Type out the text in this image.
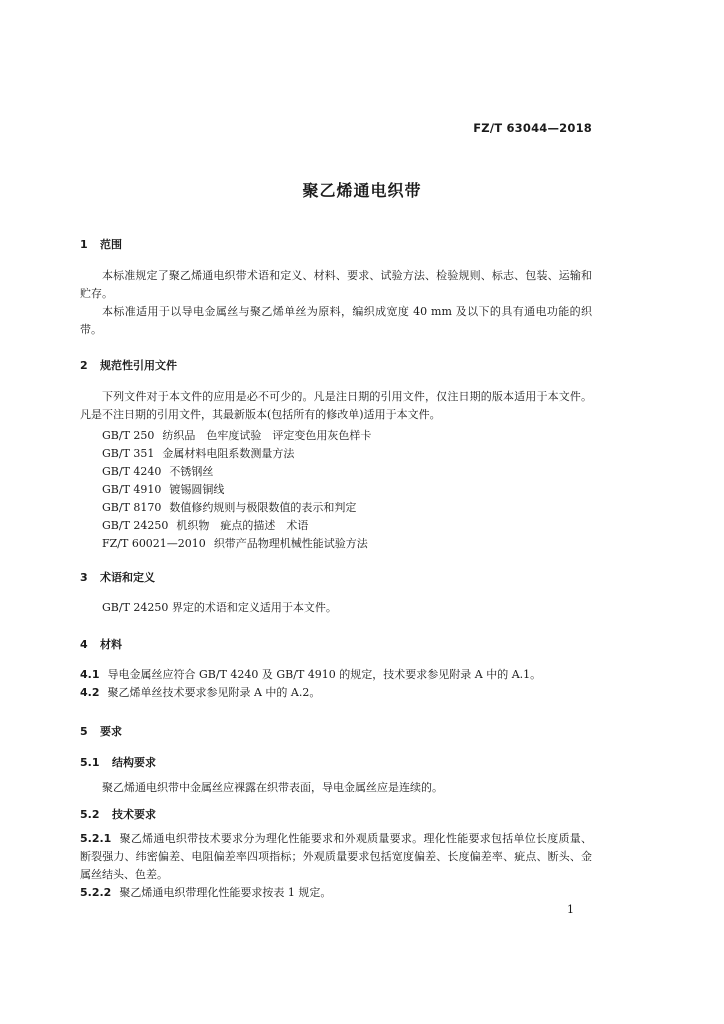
FZ/T 63044—2018
聚乙烯通电织带
1 范围
本标准规定了聚乙烯通电织带术语和定义、材料、要求、试验方法、检验规则、标志、包装、运输和贮存。
本标准适用于以导电金属丝与聚乙烯单丝为原料，编织成宽度 40 mm 及以下的具有通电功能的织带。
2 规范性引用文件
下列文件对于本文件的应用是必不可少的。凡是注日期的引用文件，仅注日期的版本适用于本文件。凡是不注日期的引用文件，其最新版本(包括所有的修改单)适用于本文件。
GB/T 250 纺织品　色牢度试验　评定变色用灰色样卡
GB/T 351 金属材料电阻系数测量方法
GB/T 4240 不锈钢丝
GB/T 4910 镀锡圆铜线
GB/T 8170 数值修约规则与极限数值的表示和判定
GB/T 24250 机织物　疵点的描述　术语
FZ/T 60021—2010 织带产品物理机械性能试验方法
3 术语和定义
GB/T 24250 界定的术语和定义适用于本文件。
4 材料
4.1 导电金属丝应符合 GB/T 4240 及 GB/T 4910 的规定，技术要求参见附录 A 中的 A.1。
4.2 聚乙烯单丝技术要求参见附录 A 中的 A.2。
5 要求
5.1 结构要求
聚乙烯通电织带中金属丝应裸露在织带表面，导电金属丝应是连续的。
5.2 技术要求
5.2.1 聚乙烯通电织带技术要求分为理化性能要求和外观质量要求。理化性能要求包括单位长度质量、断裂强力、纬密偏差、电阻偏差率四项指标；外观质量要求包括宽度偏差、长度偏差率、疵点、断头、金属丝结头、色差。
5.2.2 聚乙烯通电织带理化性能要求按表 1 规定。
1
